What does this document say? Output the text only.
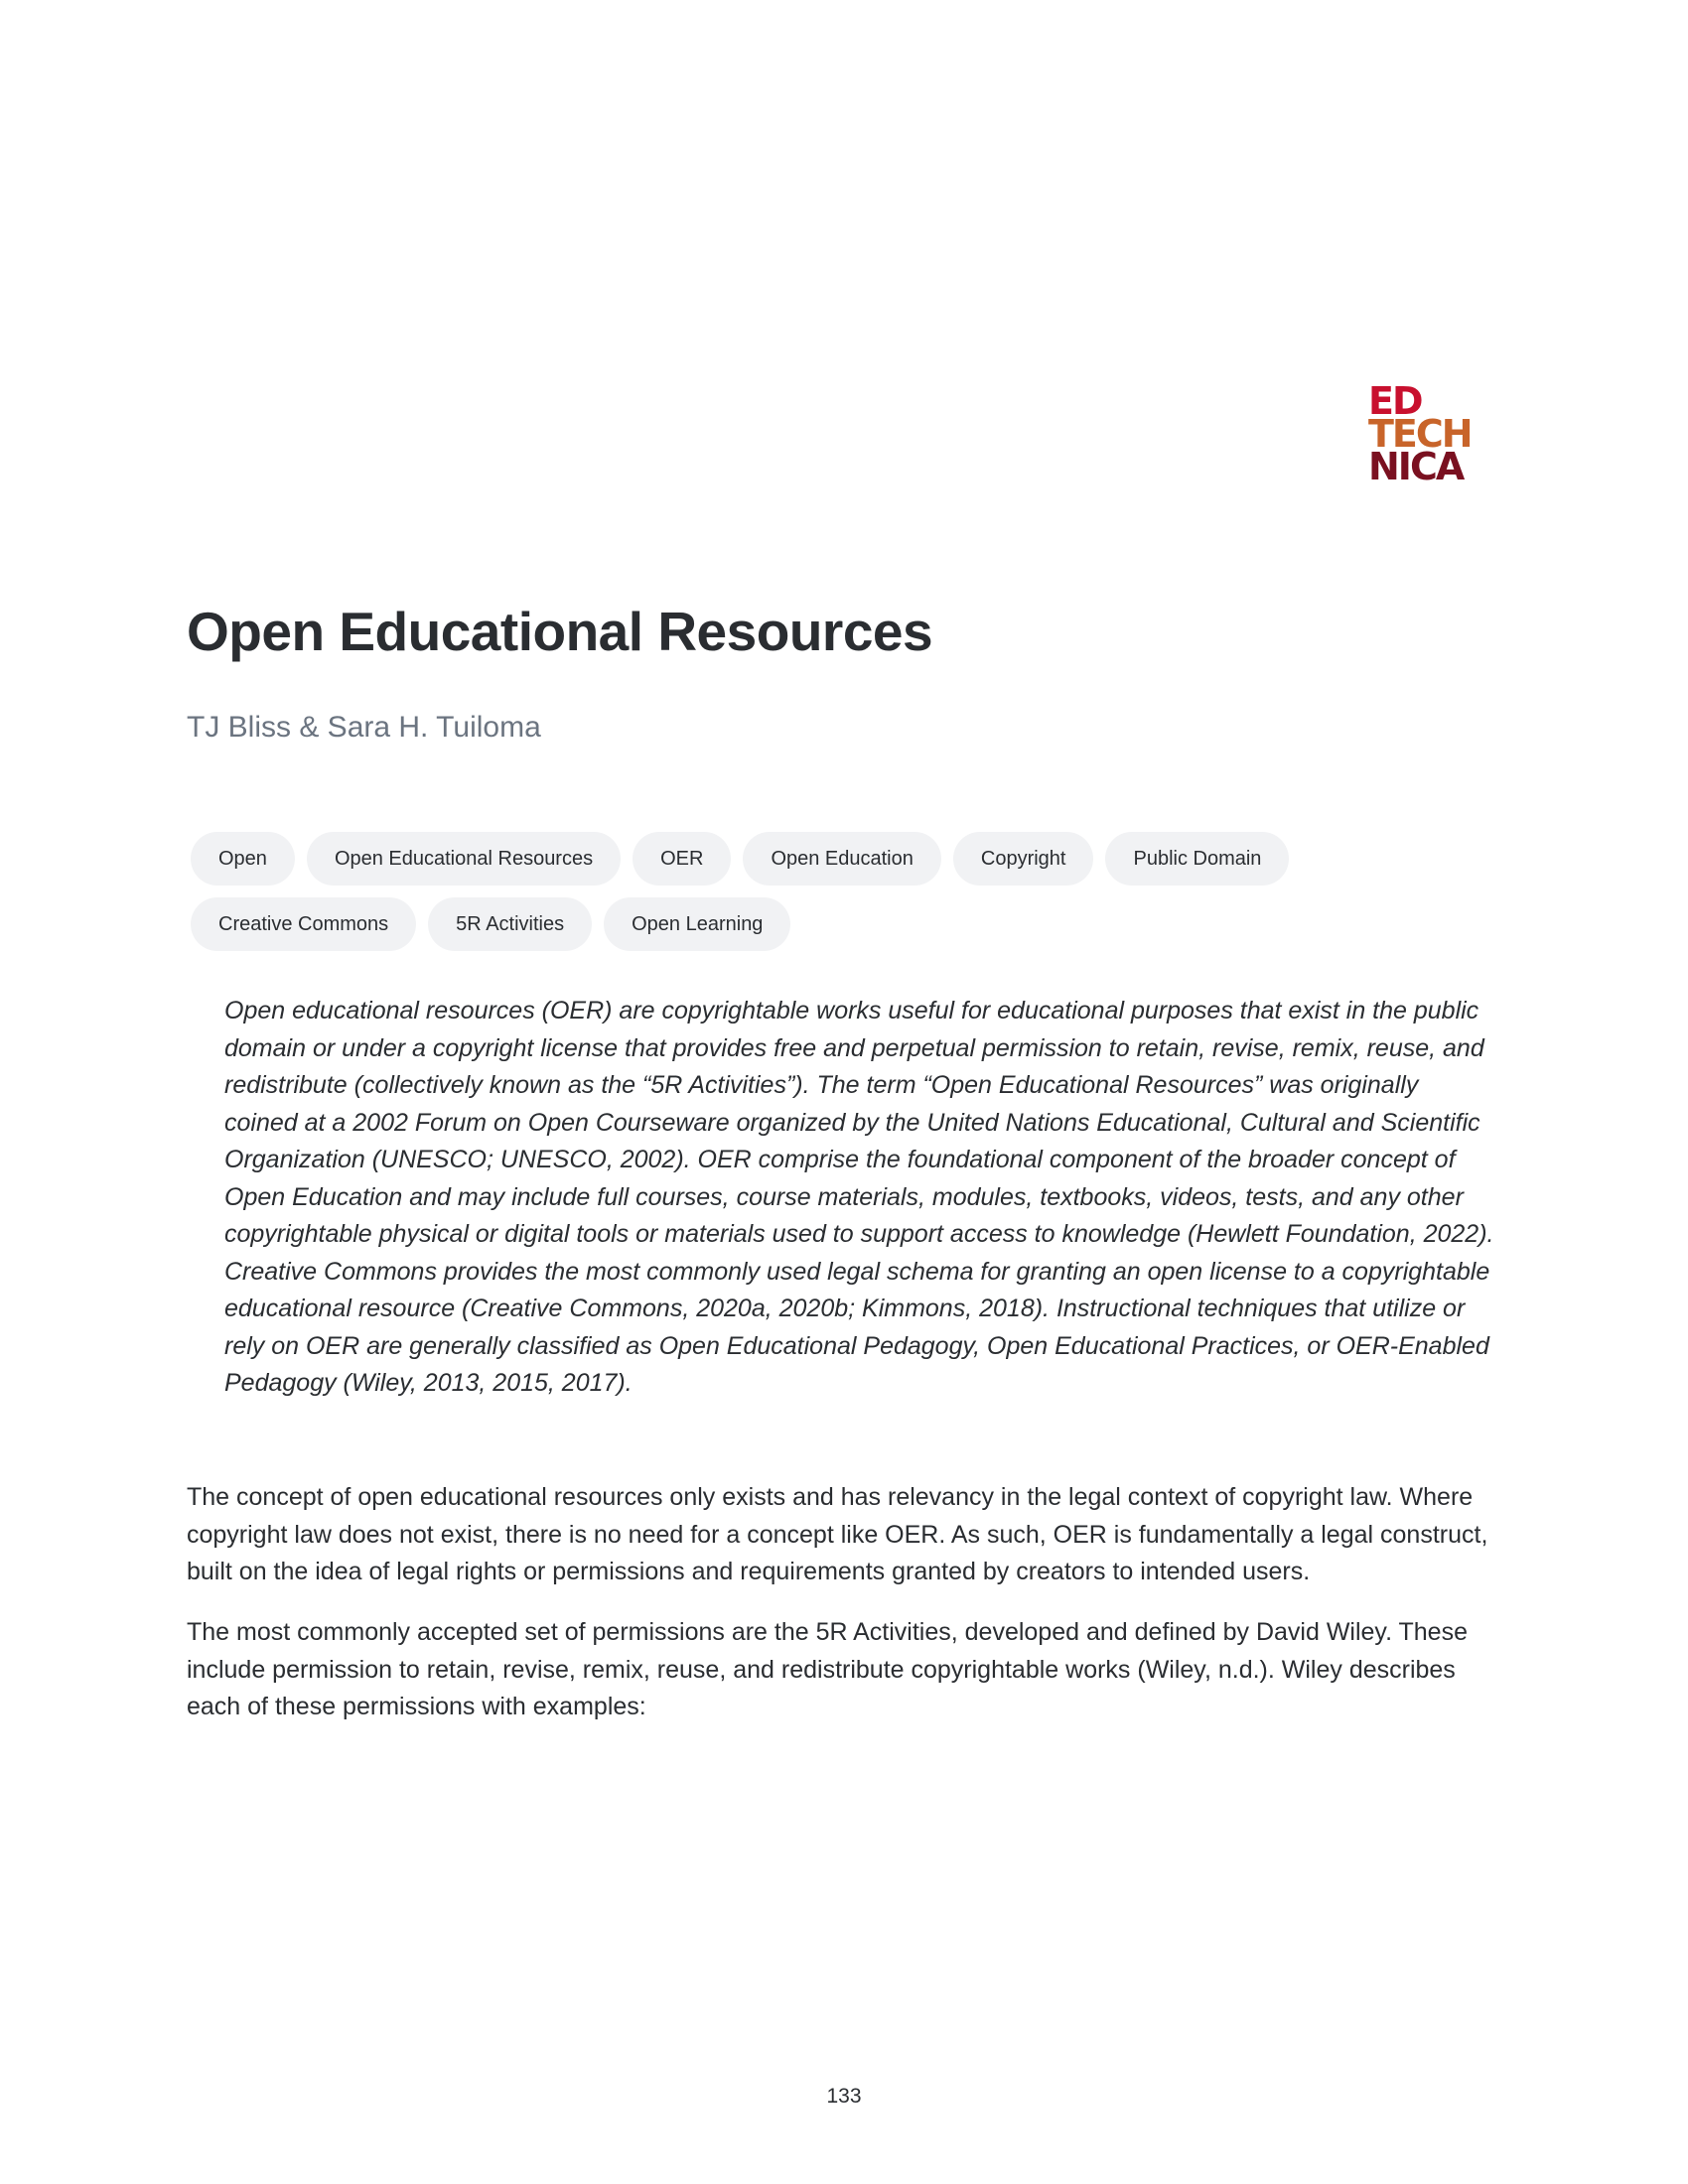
ED
TECH
NICA
Open Educational Resources
TJ Bliss & Sara H. Tuiloma
Open	Open Educational Resources	OER	Open Education	Copyright	Public Domain
Creative Commons	5R Activities	Open Learning

Open educational resources (OER) are copyrightable works useful for educational purposes that exist in the public domain or under a copyright license that provides free and perpetual permission to retain, revise, remix, reuse, and redistribute (collectively known as the “5R Activities”). The term “Open Educational Resources” was originally coined at a 2002 Forum on Open Courseware organized by the United Nations Educational, Cultural and Scientific Organization (UNESCO; UNESCO, 2002). OER comprise the foundational component of the broader concept of Open Education and may include full courses, course materials, modules, textbooks, videos, tests, and any other copyrightable physical or digital tools or materials used to support access to knowledge (Hewlett Foundation, 2022). Creative Commons provides the most commonly used legal schema for granting an open license to a copyrightable educational resource (Creative Commons, 2020a, 2020b; Kimmons, 2018). Instructional techniques that utilize or rely on OER are generally classified as Open Educational Pedagogy, Open Educational Practices, or OER-Enabled Pedagogy (Wiley, 2013, 2015, 2017).

The concept of open educational resources only exists and has relevancy in the legal context of copyright law. Where copyright law does not exist, there is no need for a concept like OER. As such, OER is fundamentally a legal construct, built on the idea of legal rights or permissions and requirements granted by creators to intended users.

The most commonly accepted set of permissions are the 5R Activities, developed and defined by David Wiley. These include permission to retain, revise, remix, reuse, and redistribute copyrightable works (Wiley, n.d.). Wiley describes each of these permissions with examples:

133
